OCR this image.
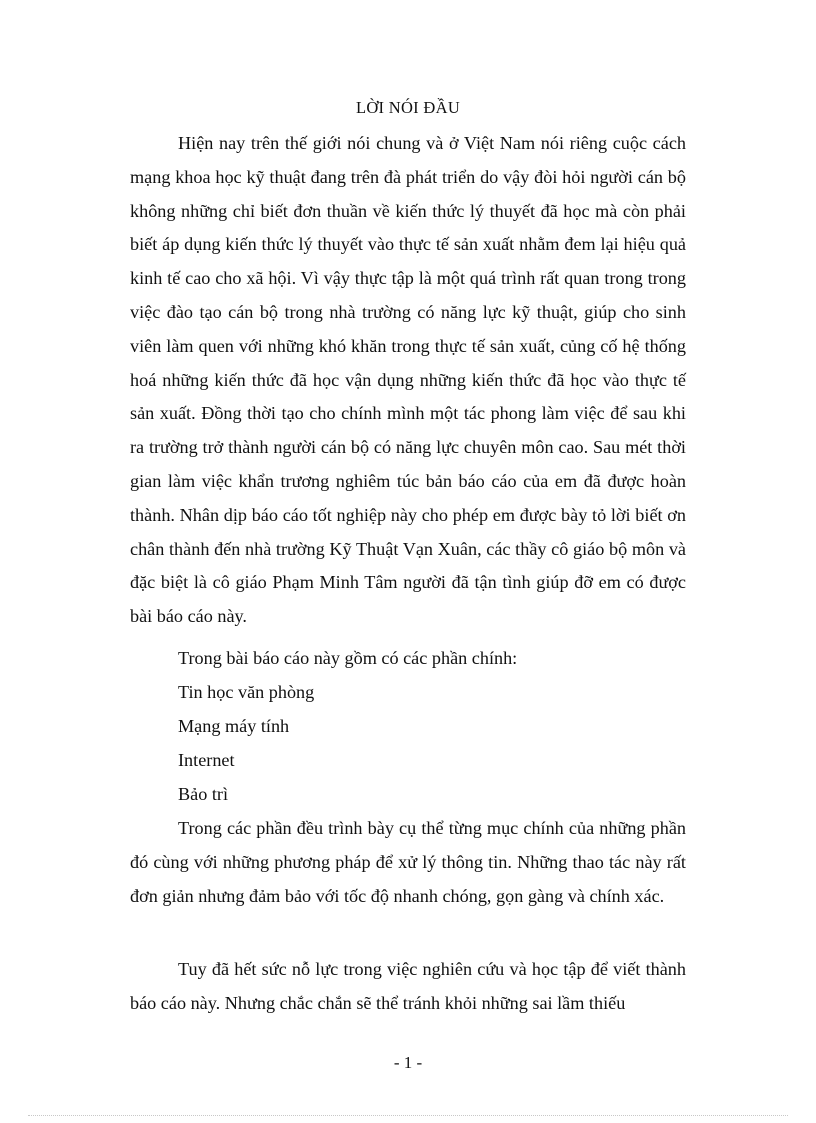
LỜI NÓI ĐẦU

Hiện nay trên thế giới nói chung và ở Việt Nam nói riêng cuộc cách mạng khoa học kỹ thuật đang trên đà phát triển do vậy đòi hỏi người cán bộ không những chỉ biết đơn thuần về kiến thức lý thuyết đã học mà còn phải biết áp dụng kiến thức lý thuyết vào thực tế sản xuất nhằm đem lại hiệu quả kinh tế cao cho xã hội. Vì vậy thực tập là một quá trình rất quan trong trong việc đào tạo cán bộ trong nhà trường có năng lực kỹ thuật, giúp cho sinh viên làm quen với những khó khăn trong thực tế sản xuất, củng cố hệ thống hoá những kiến thức đã học vận dụng những kiến thức đã học vào thực tế sản xuất. Đồng thời tạo cho chính mình một tác phong làm việc để sau khi ra trường trở thành người cán bộ có năng lực chuyên môn cao. Sau mét thời gian làm việc khẩn trương nghiêm túc bản báo cáo của em đã được hoàn thành. Nhân dịp báo cáo tốt nghiệp này cho phép em được bày tỏ lời biết ơn chân thành đến nhà trường Kỹ Thuật Vạn Xuân, các thầy cô giáo bộ môn và đặc biệt là cô giáo Phạm Minh Tâm người đã tận tình giúp đỡ em có được bài báo cáo này.

Trong bài báo cáo này gồm có các phần chính:
Tin học văn phòng
Mạng máy tính
Internet
Bảo trì

Trong các phần đều trình bày cụ thể từng mục chính của những phần đó cùng với những phương pháp để xử lý thông tin. Những thao tác này rất đơn giản nhưng đảm bảo với tốc độ nhanh chóng, gọn gàng và chính xác.

Tuy đã hết sức nỗ lực trong việc nghiên cứu và học tập để viết thành báo cáo này. Nhưng chắc chắn sẽ thể tránh khỏi những sai lầm thiếu

- 1 -
